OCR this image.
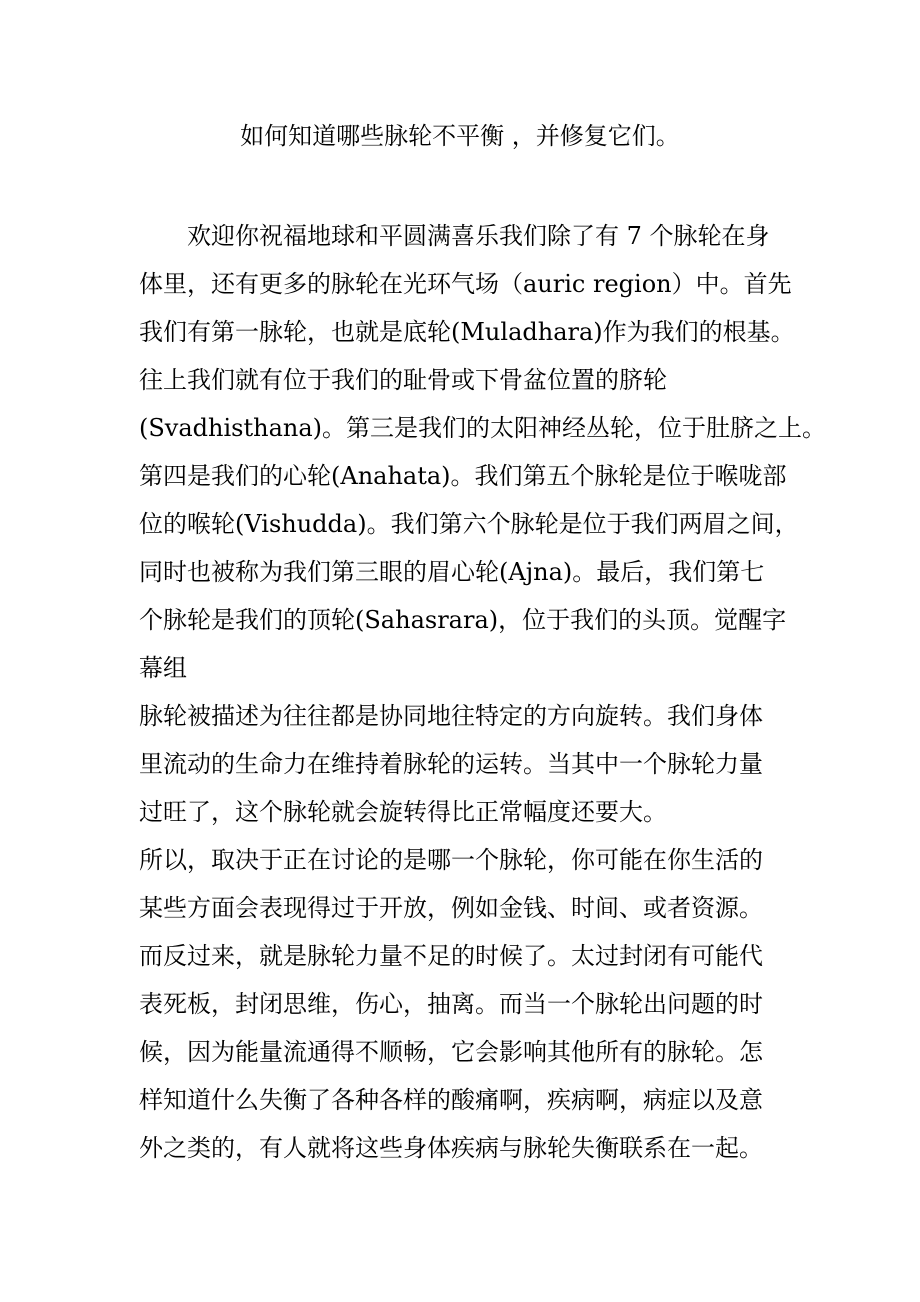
如何知道哪些脉轮不平衡 ，并修复它们。
　　欢迎你祝福地球和平圆满喜乐我们除了有 7 个脉轮在身
体里，还有更多的脉轮在光环气场（auric region）中。首先
我们有第一脉轮，也就是底轮(Muladhara)作为我们的根基。
往上我们就有位于我们的耻骨或下骨盆位置的脐轮
(Svadhisthana)。第三是我们的太阳神经丛轮，位于肚脐之上。
第四是我们的心轮(Anahata)。我们第五个脉轮是位于喉咙部
位的喉轮(Vishudda)。我们第六个脉轮是位于我们两眉之间，
同时也被称为我们第三眼的眉心轮(Ajna)。最后，我们第七
个脉轮是我们的顶轮(Sahasrara)，位于我们的头顶。觉醒字
幕组
脉轮被描述为往往都是协同地往特定的方向旋转。我们身体
里流动的生命力在维持着脉轮的运转。当其中一个脉轮力量
过旺了，这个脉轮就会旋转得比正常幅度还要大。
所以，取决于正在讨论的是哪一个脉轮，你可能在你生活的
某些方面会表现得过于开放，例如金钱、时间、或者资源。
而反过来，就是脉轮力量不足的时候了。太过封闭有可能代
表死板，封闭思维，伤心，抽离。而当一个脉轮出问题的时
候，因为能量流通得不顺畅，它会影响其他所有的脉轮。怎
样知道什么失衡了各种各样的酸痛啊，疾病啊，病症以及意
外之类的，有人就将这些身体疾病与脉轮失衡联系在一起。
